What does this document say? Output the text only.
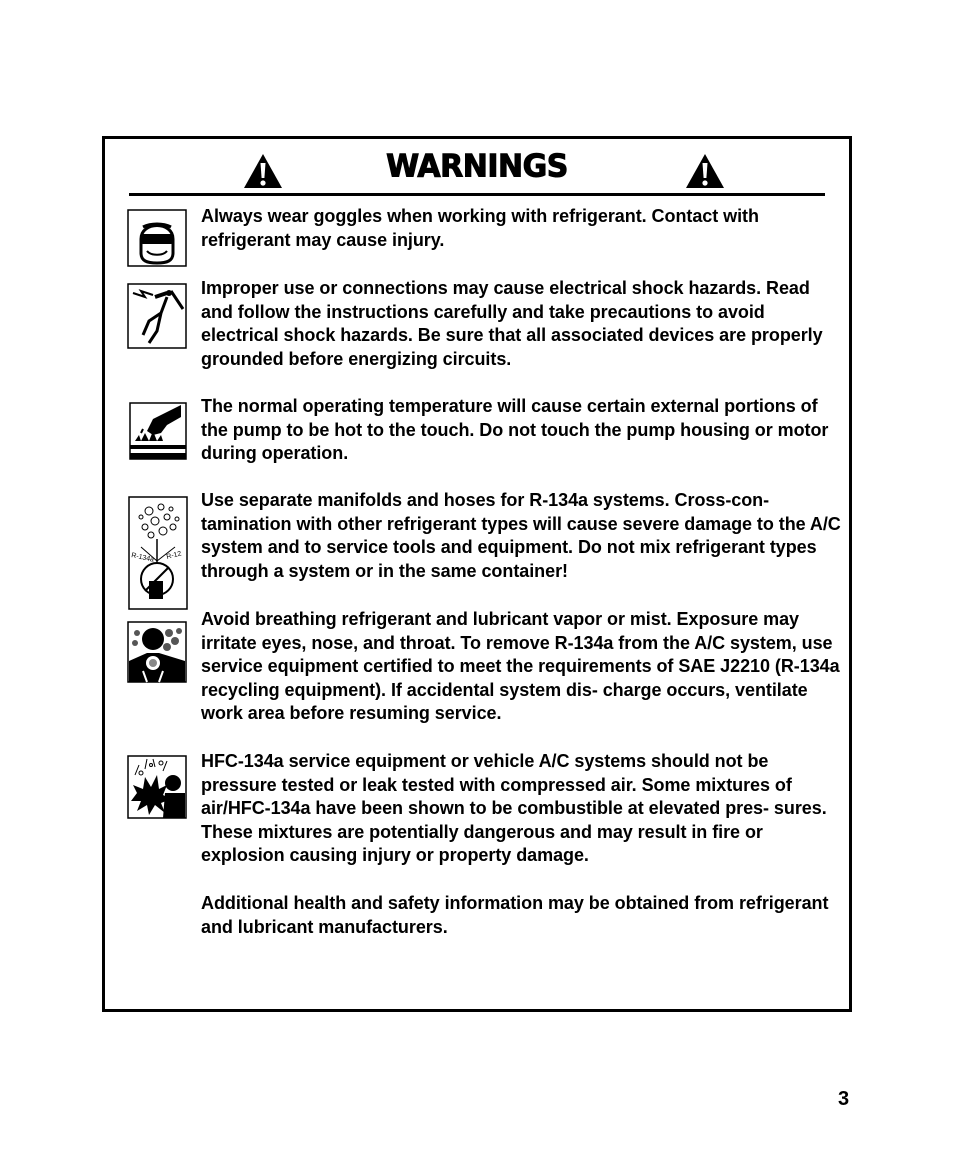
WARNINGS
R-134a R-12
Always wear goggles when working with refrigerant. Contact with refrigerant may cause injury.
Improper use or connections may cause electrical shock hazards. Read and follow the instructions carefully and take precautions to avoid electrical shock hazards. Be sure that all associated devices are properly grounded before energizing circuits.
The normal operating temperature will cause certain external portions of the pump to be hot to the touch. Do not touch the pump housing or motor during operation.
Use separate manifolds and hoses for R-134a systems. Cross-con- tamination with other refrigerant types will cause severe damage to the A/C system and to service tools and equipment. Do not mix refrigerant types through a system or in the same container!
Avoid breathing refrigerant and lubricant vapor or mist. Exposure may irritate eyes, nose, and throat. To remove R-134a from the A/C system, use service equipment certified to meet the requirements of SAE J2210 (R-134a recycling equipment). If accidental system dis- charge occurs, ventilate work area before resuming service.
HFC-134a service equipment or vehicle A/C systems should not be pressure tested or leak tested with compressed air. Some mixtures of air/HFC-134a have been shown to be combustible at elevated pres- sures. These mixtures are potentially dangerous and may result in fire or explosion causing injury or property damage.
Additional health and safety information may be obtained from refrigerant and lubricant manufacturers.
3
